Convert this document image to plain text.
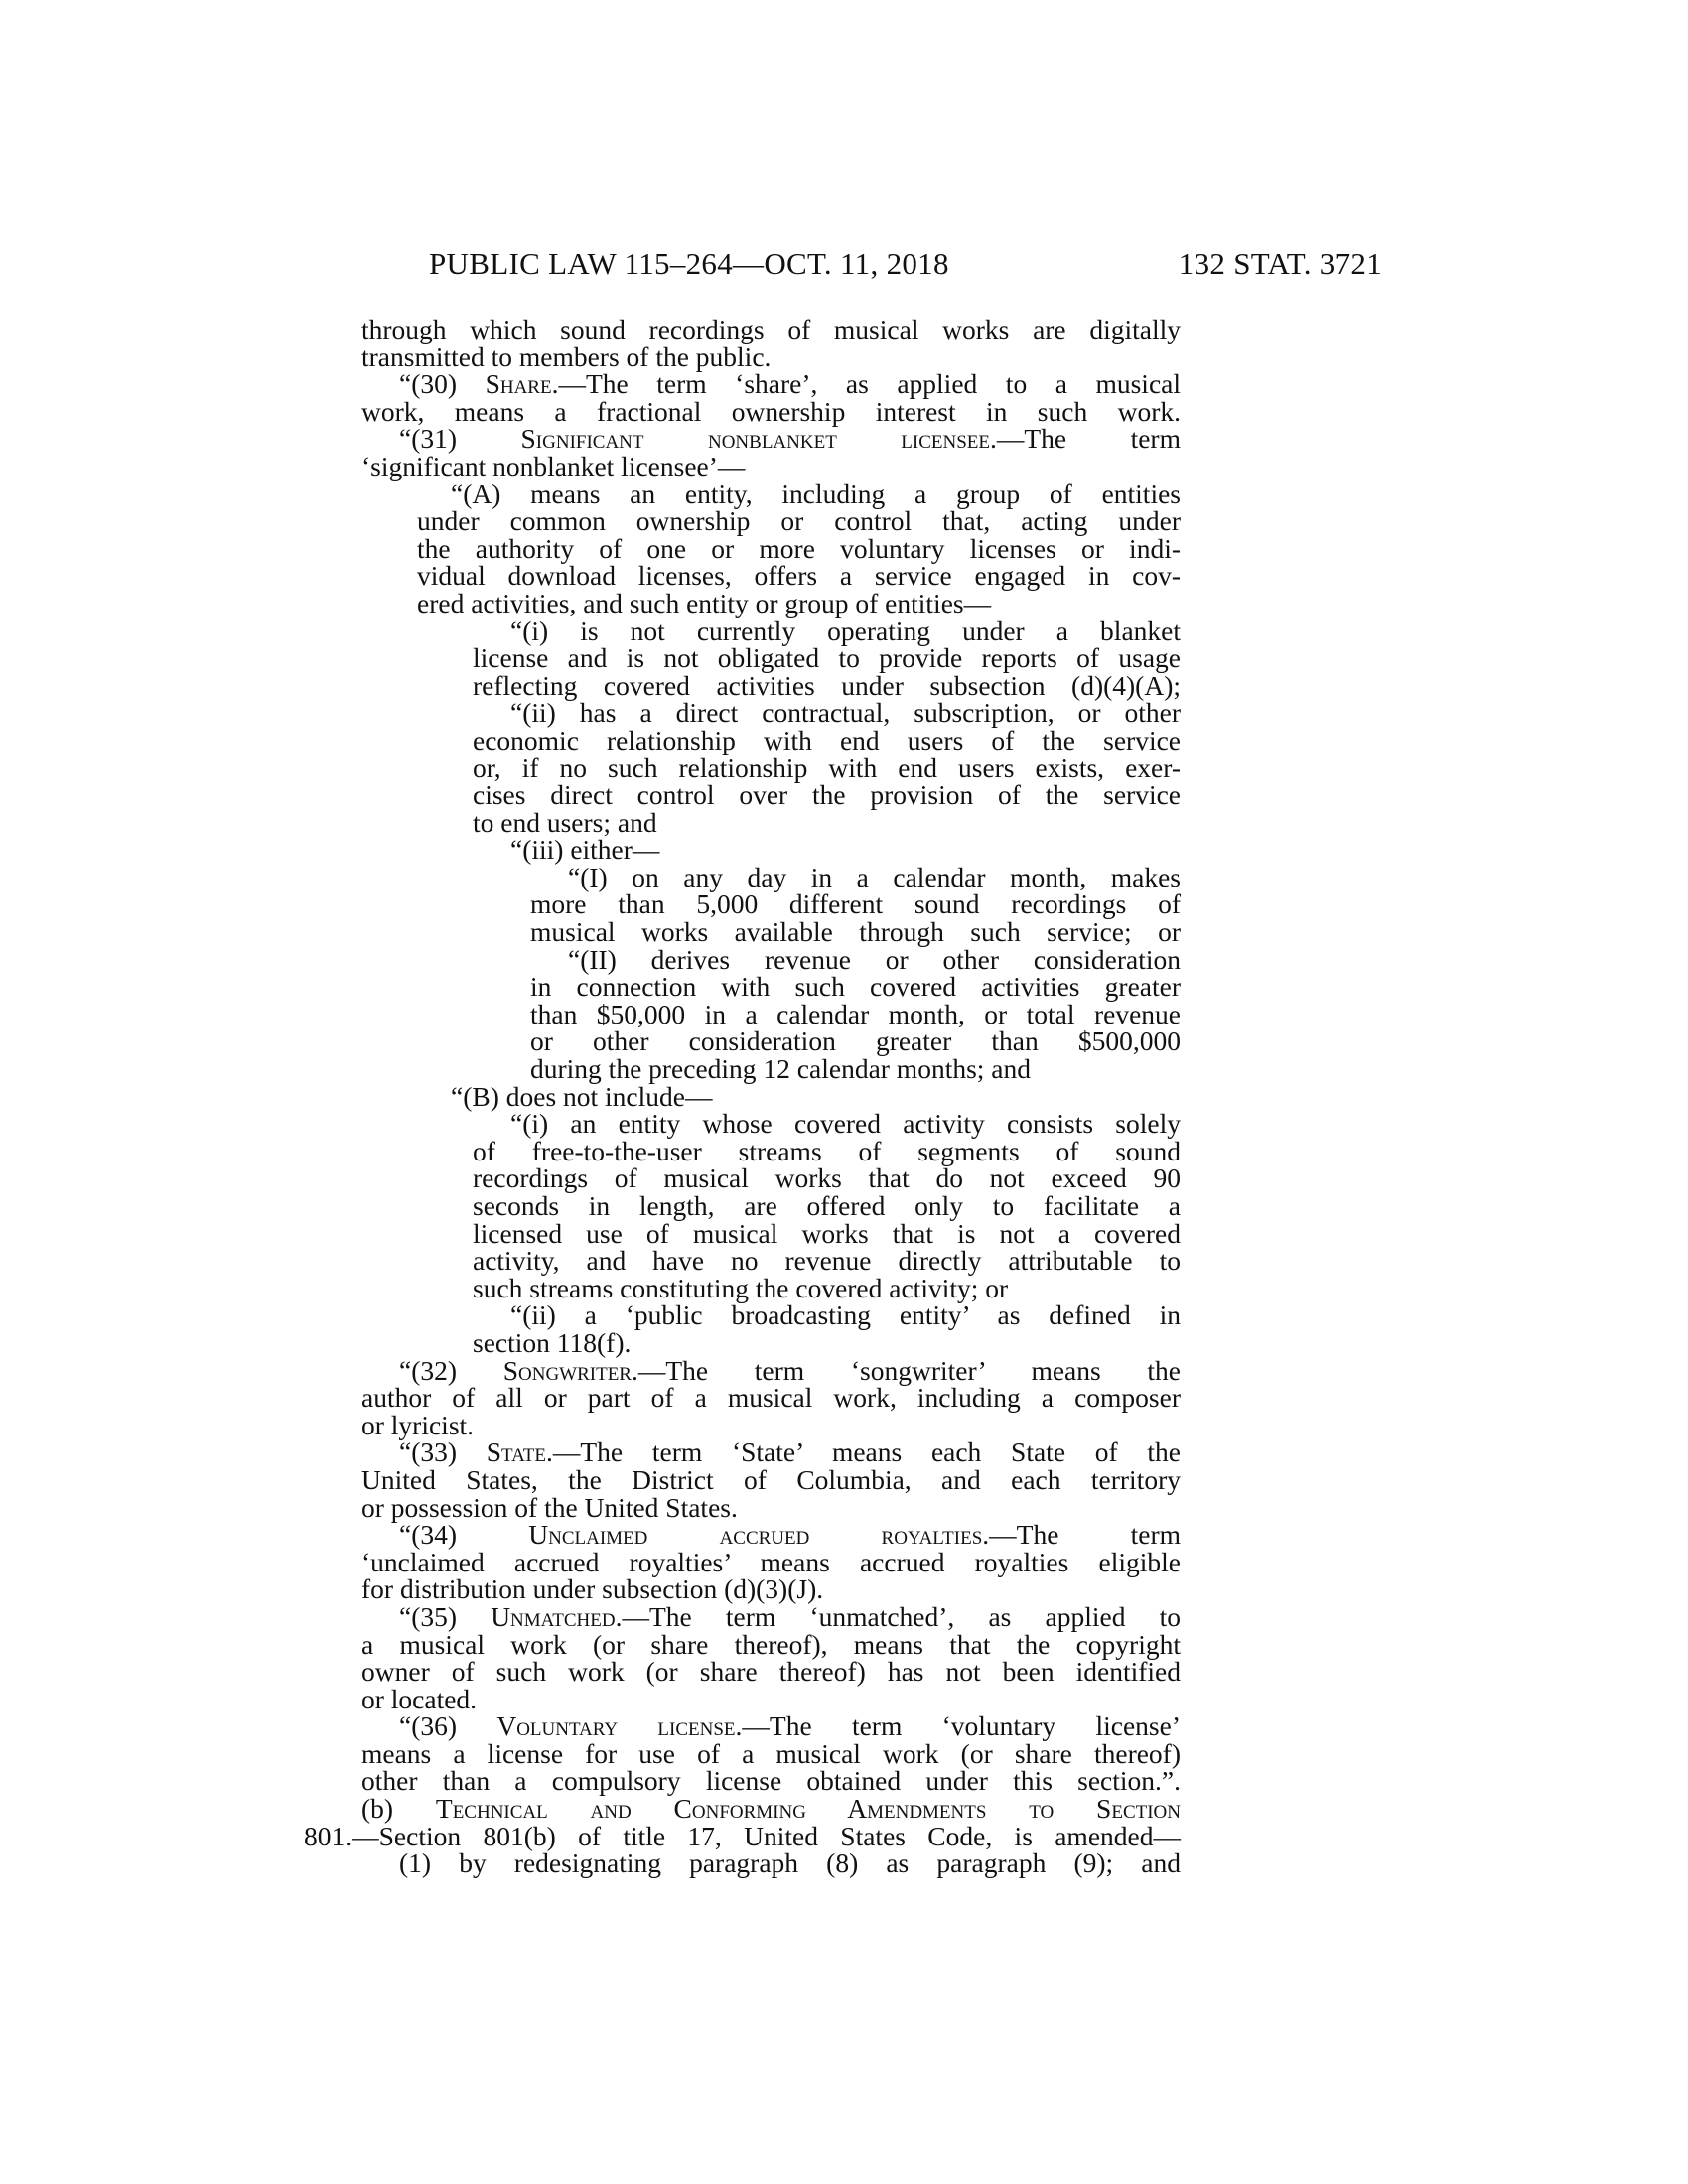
PUBLIC LAW 115–264—OCT. 11, 2018	132 STAT. 3721
through which sound recordings of musical works are digitally
transmitted to members of the public.
“(30) Share.—The term ‘share’, as applied to a musical
work, means a fractional ownership interest in such work.
“(31) Significant nonblanket licensee.—The term
‘significant nonblanket licensee’—
“(A) means an entity, including a group of entities
under common ownership or control that, acting under
the authority of one or more voluntary licenses or indi-
vidual download licenses, offers a service engaged in cov-
ered activities, and such entity or group of entities—
“(i) is not currently operating under a blanket
license and is not obligated to provide reports of usage
reflecting covered activities under subsection (d)(4)(A);
“(ii) has a direct contractual, subscription, or other
economic relationship with end users of the service
or, if no such relationship with end users exists, exer-
cises direct control over the provision of the service
to end users; and
“(iii) either—
“(I) on any day in a calendar month, makes
more than 5,000 different sound recordings of
musical works available through such service; or
“(II) derives revenue or other consideration
in connection with such covered activities greater
than $50,000 in a calendar month, or total revenue
or other consideration greater than $500,000
during the preceding 12 calendar months; and
“(B) does not include—
“(i) an entity whose covered activity consists solely
of free-to-the-user streams of segments of sound
recordings of musical works that do not exceed 90
seconds in length, are offered only to facilitate a
licensed use of musical works that is not a covered
activity, and have no revenue directly attributable to
such streams constituting the covered activity; or
“(ii) a ‘public broadcasting entity’ as defined in
section 118(f).
“(32) Songwriter.—The term ‘songwriter’ means the
author of all or part of a musical work, including a composer
or lyricist.
“(33) State.—The term ‘State’ means each State of the
United States, the District of Columbia, and each territory
or possession of the United States.
“(34) Unclaimed accrued royalties.—The term
‘unclaimed accrued royalties’ means accrued royalties eligible
for distribution under subsection (d)(3)(J).
“(35) Unmatched.—The term ‘unmatched’, as applied to
a musical work (or share thereof), means that the copyright
owner of such work (or share thereof) has not been identified
or located.
“(36) Voluntary license.—The term ‘voluntary license’
means a license for use of a musical work (or share thereof)
other than a compulsory license obtained under this section.”.
(b) Technical and Conforming Amendments to Section
801.—Section 801(b) of title 17, United States Code, is amended—
(1) by redesignating paragraph (8) as paragraph (9); and
